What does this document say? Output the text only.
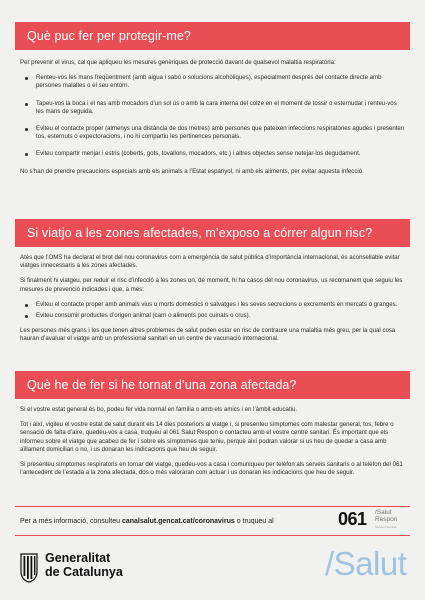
Què puc fer per protegir-me?

Per prevenir el virus, cal que apliqueu les mesures genèriques de protecció davant de qualsevol malaltia respiratòria:

Renteu-vos les mans freqüentment (amb aigua i sabó o solucions alcohòliques), especialment després del contacte directe amb persones malaltes o el seu entorn.
Tapeu-vos la boca i el nas amb mocadors d’un sol ús o amb la cara interna del colze en el moment de tossir o esternudar i renteu-vos les mans de seguida.
Eviteu el contacte proper (almenys una distància de dos metres) amb persones que pateixen infeccions respiratòries agudes i presenten tos, esternuts o expectoracions, i no hi compartiu les pertinences personals.
Eviteu compartir menjar i estris (coberts, gots, tovallons, mocadors, etc.) i altres objectes sense netejar-los degudament.

No s’han de prendre precaucions especials amb els animals a l’Estat espanyol, ni amb els aliments, per evitar aquesta infecció.

Si viatjo a les zones afectades, m’exposo a córrer algun risc?

Atès que l’OMS ha declarat el brot del nou coronavirus com a emergència de salut pública d’importància internacional, és aconsellable evitar viatges innecessaris a les zones afectades.

Si finalment hi viatgeu, per reduir el risc d’infecció a les zones on, de moment, hi ha casos del nou coronavirus, us recomanem que seguiu les mesures de prevenció indicades i que, a més:

Eviteu el contacte proper amb animals vius o morts domèstics o salvatges i les seves secrecions o excrements en mercats o granges.
Eviteu consumir productes d’origen animal (carn o aliments poc cuinats o crus).

Les persones més grans i les que tenen altres problemes de salut poden estar en risc de contraure una malaltia més greu, per la qual cosa hauran d’avaluar el viatge amb un professional sanitari en un centre de vacunació internacional.

Què he de fer si he tornat d’una zona afectada?

Si el vostre estat general és bo, podeu fer vida normal en família o amb els amics i en l’àmbit educatiu.

Tot i així, vigileu el vostre estat de salut durant els 14 dies posteriors al viatge i, si presenteu símptomes com malestar general, tos, febre o sensació de falta d’aire, quedeu-vos a casa, truqueu al 061 Salut Respon o contacteu amb el vostre centre sanitari. És important que els informeu sobre el viatge que acabeu de fer i sobre els símptomes que teniu, perquè així podran valorar si us heu de quedar a casa amb aïllament domiciliari o no, i us donaran les indicacions que heu de seguir.

Si presenteu símptomes respiratoris en tornar del viatge, quedeu-vos a casa i comuniqueu per telèfon als serveis sanitaris o al telèfon del 061 l’antecedent de l’estada a la zona afectada, dos o més valoraran com actuar i us donaran les indicacions que heu de seguir.

Per a més informació, consulteu canalsalut.gencat.cat/coronavirus o truqueu al	061 /Salut
Respon
Servei d’atenció
Generalitat
de Catalunya	/Salut
